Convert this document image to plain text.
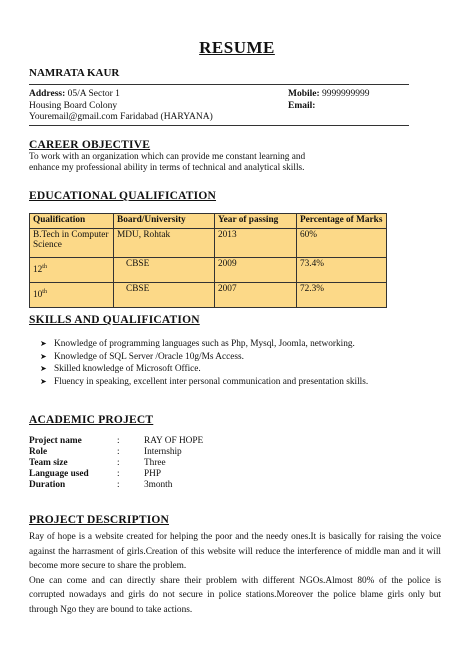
RESUME
NAMRATA KAUR
Address: 05/A Sector 1
Housing Board Colony
Youremail@gmail.com Faridabad (HARYANA)
Mobile: 9999999999
Email:
CAREER OBJECTIVE
To work with an organization which can provide me constant learning and
enhance my professional ability in terms of technical and analytical skills.
EDUCATIONAL QUALIFICATION
Qualification	Board/University	Year of passing	Percentage of Marks
B.Tech in Computer Science	MDU, Rohtak	2013	60%
12th	CBSE	2009	73.4%
10th	CBSE	2007	72.3%
SKILLS AND QUALIFICATION
➤ Knowledge of programming languages such as Php, Mysql, Joomla, networking.
➤ Knowledge of SQL Server /Oracle 10g/Ms Access.
➤ Skilled knowledge of Microsoft Office.
➤ Fluency in speaking, excellent inter personal communication and presentation skills.
ACADEMIC PROJECT
Project name	:	RAY OF HOPE
Role	:	Internship
Team size	:	Three
Language used	:	PHP
Duration	:	3month
PROJECT DESCRIPTION

Ray of hope is a website created for helping the poor and the needy ones.It is basically for raising the voice against the harrasment of girls.Creation of this website will reduce the interference of middle man and it will become more secure to share the problem.

One can come and can directly share their problem with different NGOs.Almost 80% of the police is corrupted nowadays and girls do not secure in police stations.Moreover the police blame girls only but through Ngo they are bound to take actions.
